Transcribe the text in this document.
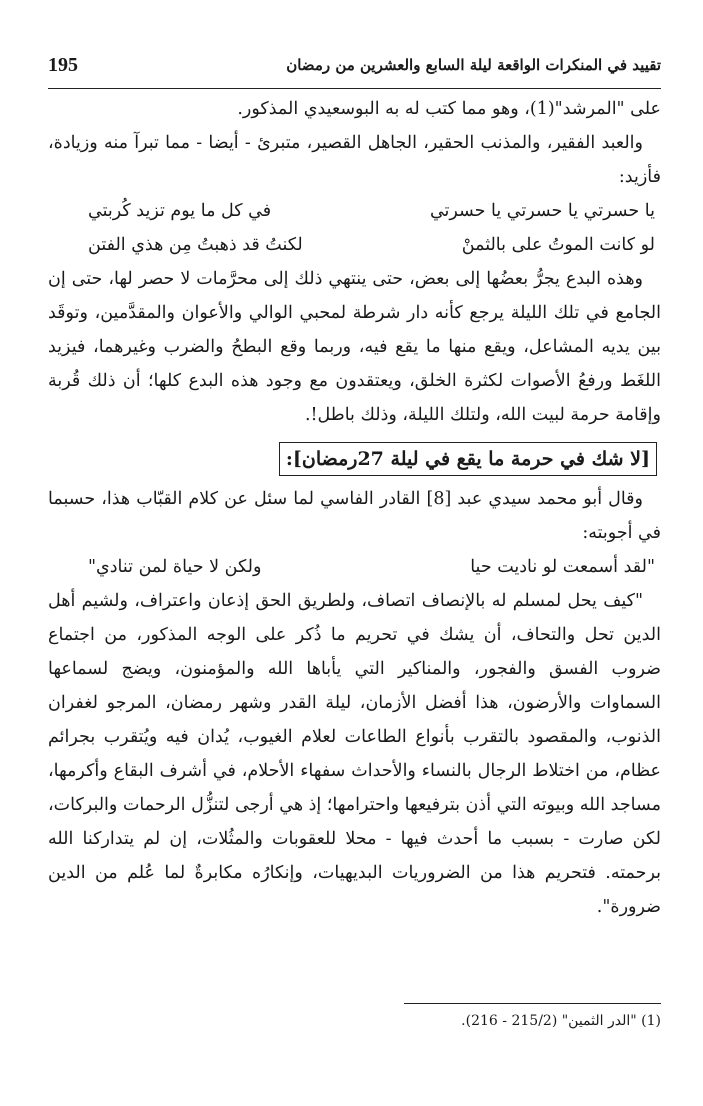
195	تقييد في المنكرات الواقعة ليلة السابع والعشرين من رمضان

على "المرشد"(1)، وهو مما كتب له به البوسعيدي المذكور.

والعبد الفقير، والمذنب الحقير، الجاهل القصير، متبرئ - أيضا - مما تبرآ منه وزيادة، فأزيد:

يا حسرتي يا حسرتي يا حسرتي
في كل ما يوم تزيد كُربتي
لو كانت الموتُ على بالثمنْ
لكنتُ قد ذهبتُ مِن هذي الفتن

وهذه البدع يجرُّ بعضُها إلى بعض، حتى ينتهي ذلك إلى محرَّمات لا حصر لها، حتى إن الجامع في تلك الليلة يرجع كأنه دار شرطة لمحبي الوالي والأعوان والمقدَّمين، وتوقَد بين يديه المشاعل، ويقع منها ما يقع فيه، وربما وقع البطحُ والضرب وغيرهما، فيزيد اللغَط ورفعُ الأصوات لكثرة الخلق، ويعتقدون مع وجود هذه البدع كلها؛ أن ذلك قُربة وإقامة حرمة لبيت الله، ولتلك الليلة، وذلك باطل!.

[لا شك في حرمة ما يقع في ليلة 27رمضان]:

وقال أبو محمد سيدي عبد [8] القادر الفاسي لما سئل عن كلام القبّاب هذا، حسبما في أجوبته:

"لقد أسمعت لو ناديت حيا
ولكن لا حياة لمن تنادي"

"كيف يحل لمسلم له بالإنصاف اتصاف، ولطريق الحق إذعان واعتراف، ولشيم أهل الدين تحل والتحاف، أن يشك في تحريم ما ذُكر على الوجه المذكور، من اجتماع ضروب الفسق والفجور، والمناكير التي يأباها الله والمؤمنون، ويضج لسماعها السماوات والأرضون، هذا أفضل الأزمان، ليلة القدر وشهر رمضان، المرجو لغفران الذنوب، والمقصود بالتقرب بأنواع الطاعات لعلام الغيوب، يُدان فيه ويُتقرب بجرائم عظام، من اختلاط الرجال بالنساء والأحداث سفهاء الأحلام، في أشرف البقاع وأكرمها، مساجد الله وبيوته التي أذن بترفيعها واحترامها؛ إذ هي أرجى لتنزُّل الرحمات والبركات، لكن صارت - بسبب ما أحدث فيها - محلا للعقوبات والمثُلات، إن لم يتداركنا الله برحمته. فتحريم هذا من الضروريات البديهيات، وإنكارُه مكابرةٌ لما عُلم من الدين ضرورة".

(1) "الدر الثمين" (215/2 - 216).
